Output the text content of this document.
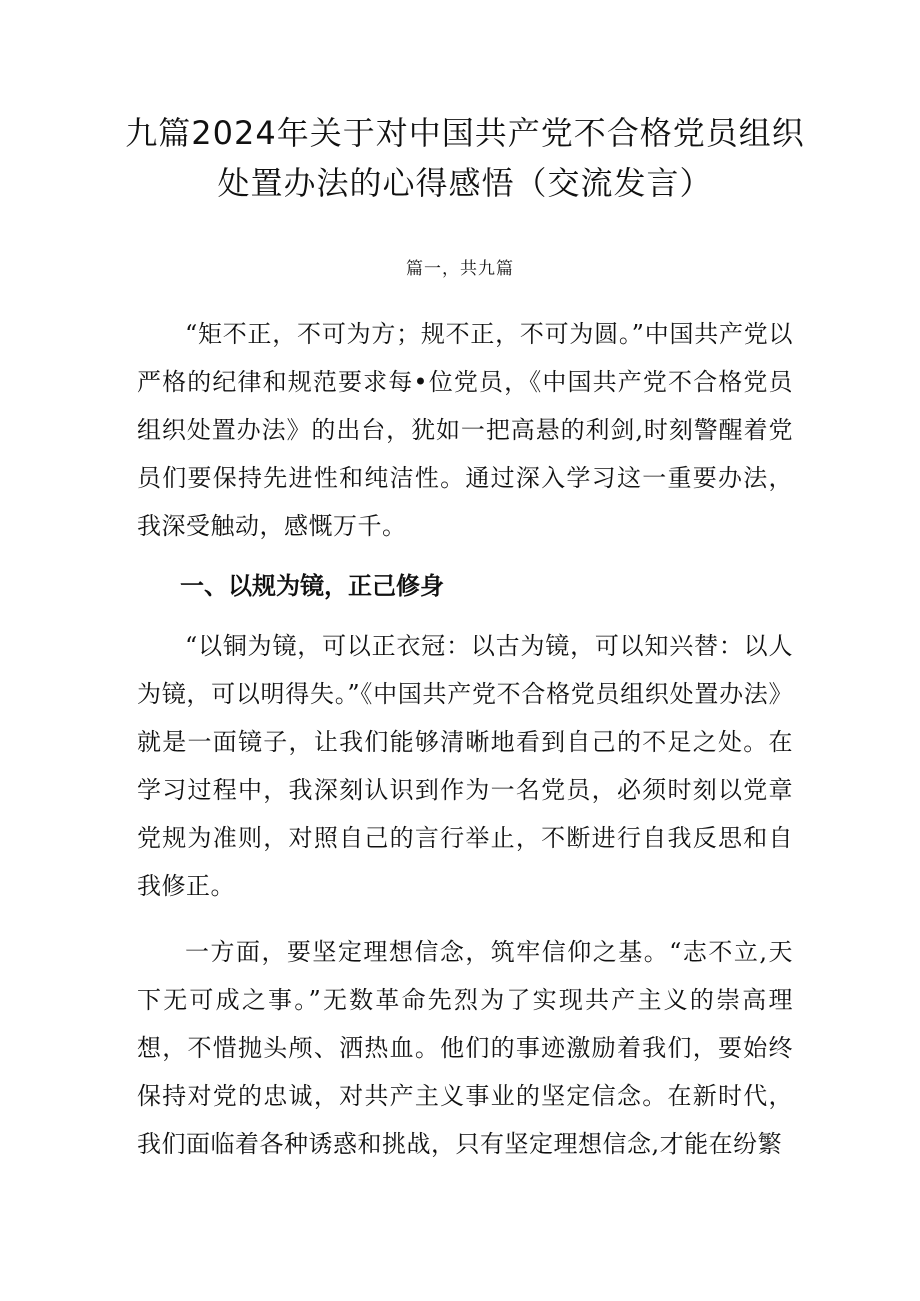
九篇2024年关于对中国共产党不合格党员组织处置办法的心得感悟（交流发言）
篇一，共九篇

“矩不正，不可为方；规不正，不可为圆。”中国共产党以严格的纪律和规范要求每•位党员，《中国共产党不合格党员组织处置办法》的出台，犹如一把高悬的利剑,时刻警醒着党员们要保持先进性和纯洁性。通过深入学习这一重要办法，我深受触动，感慨万千。

一、以规为镜，正己修身

“以铜为镜，可以正衣冠：以古为镜，可以知兴替：以人为镜，可以明得失。”《中国共产党不合格党员组织处置办法》就是一面镜子，让我们能够清晰地看到自己的不足之处。在学习过程中，我深刻认识到作为一名党员，必须时刻以党章党规为准则，对照自己的言行举止，不断进行自我反思和自我修正。

一方面，要坚定理想信念，筑牢信仰之基。“志不立,天下无可成之事。”无数革命先烈为了实现共产主义的崇高理想，不惜抛头颅、洒热血。他们的事迹激励着我们，要始终保持对党的忠诚，对共产主义事业的坚定信念。在新时代，我们面临着各种诱惑和挑战，只有坚定理想信念,才能在纷繁
